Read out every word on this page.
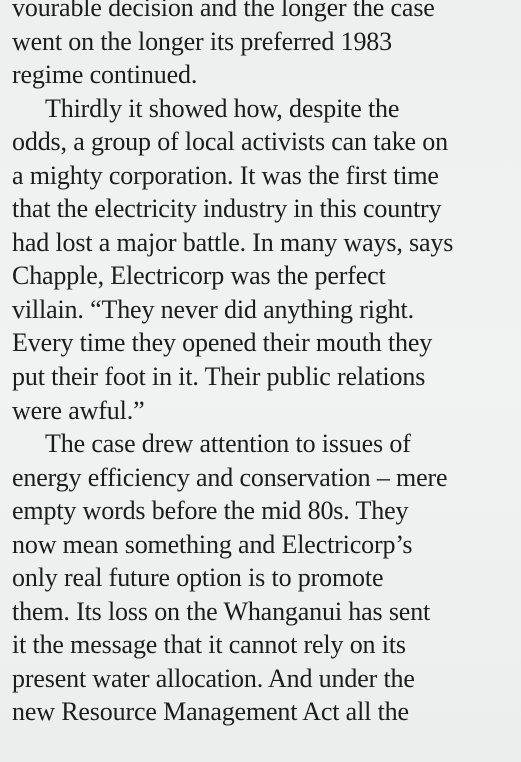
vourable decision and the longer the case
went on the longer its preferred 1983
regime continued.
Thirdly it showed how, despite the
odds, a group of local activists can take on
a mighty corporation. It was the first time
that the electricity industry in this country
had lost a major battle. In many ways, says
Chapple, Electricorp was the perfect
villain. “They never did anything right.
Every time they opened their mouth they
put their foot in it. Their public relations
were awful.”
The case drew attention to issues of
energy efficiency and conservation – mere
empty words before the mid 80s. They
now mean something and Electricorp’s
only real future option is to promote
them. Its loss on the Whanganui has sent
it the message that it cannot rely on its
present water allocation. And under the
new Resource Management Act all the
